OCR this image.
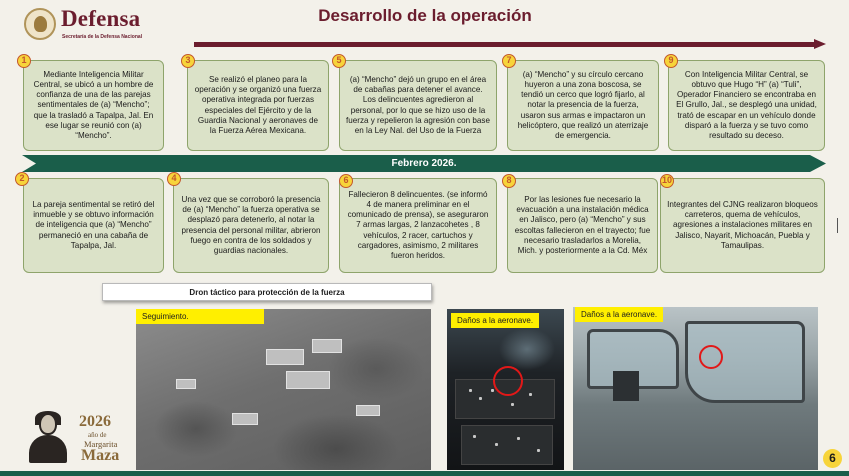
Defensa
Secretaría de la Defensa Nacional
Desarrollo de la operación
Mediante Inteligencia Militar Central, se ubicó a un hombre de confianza de una de las parejas sentimentales de (a) “Mencho”; que la trasladó a Tapalpa, Jal. En ese lugar se reunió con (a) “Mencho”.
Se realizó el planeo para la operación y se organizó una fuerza operativa integrada por fuerzas especiales del Ejército y de la Guardia Nacional y aeronaves de la Fuerza Aérea Mexicana.
(a) “Mencho” dejó un grupo en el área de cabañas para detener el avance. Los delincuentes agredieron al personal, por lo que se hizo uso de la fuerza y repelieron la agresión con base en la Ley Nal. del Uso de la Fuerza
(a) “Mencho” y su círculo cercano huyeron a una zona boscosa, se tendió un cerco que logró fijarlo, al notar la presencia de la fuerza, usaron sus armas e impactaron un helicóptero, que realizó un aterrizaje de emergencia.
Con Inteligencia Militar Central, se obtuvo que Hugo “H” (a) “Tuli”, Operador Financiero se encontraba en El Grullo, Jal., se desplegó una unidad, trató de escapar en un vehículo donde disparó a la fuerza y se tuvo como resultado su deceso.
Febrero 2026.
La pareja sentimental se retiró del inmueble y se obtuvo información de inteligencia que (a) “Mencho” permaneció en una cabaña de Tapalpa, Jal.
Una vez que se corroboró la presencia de (a) “Mencho” la fuerza operativa se desplazó para detenerlo, al notar la presencia del personal militar, abrieron fuego en contra de los soldados y guardias nacionales.
Fallecieron 8 delincuentes. (se informó 4 de manera preliminar en el comunicado de prensa), se aseguraron 7 armas largas, 2 lanzacohetes , 8 vehículos, 2 racer, cartuchos y cargadores, asimismo, 2 militares fueron heridos.
Por las lesiones fue necesario la evacuación a una instalación médica en Jalisco, pero (a) “Mencho” y sus escoltas fallecieron en el trayecto; fue necesario trasladarlos a Morelia, Mich. y posteriormente a la Cd. Méx
Integrantes del CJNG realizaron bloqueos carreteros, quema de vehículos, agresiones a instalaciones militares en Jalisco, Nayarit, Michoacán, Puebla y Tamaulipas.
1
2
3
4
5
6
7
8
9
10
Dron táctico para protección de la fuerza
Seguimiento.	Daños a la aeronave.
Daños a la aeronave.
2026
año de
Margarita
Maza	6
